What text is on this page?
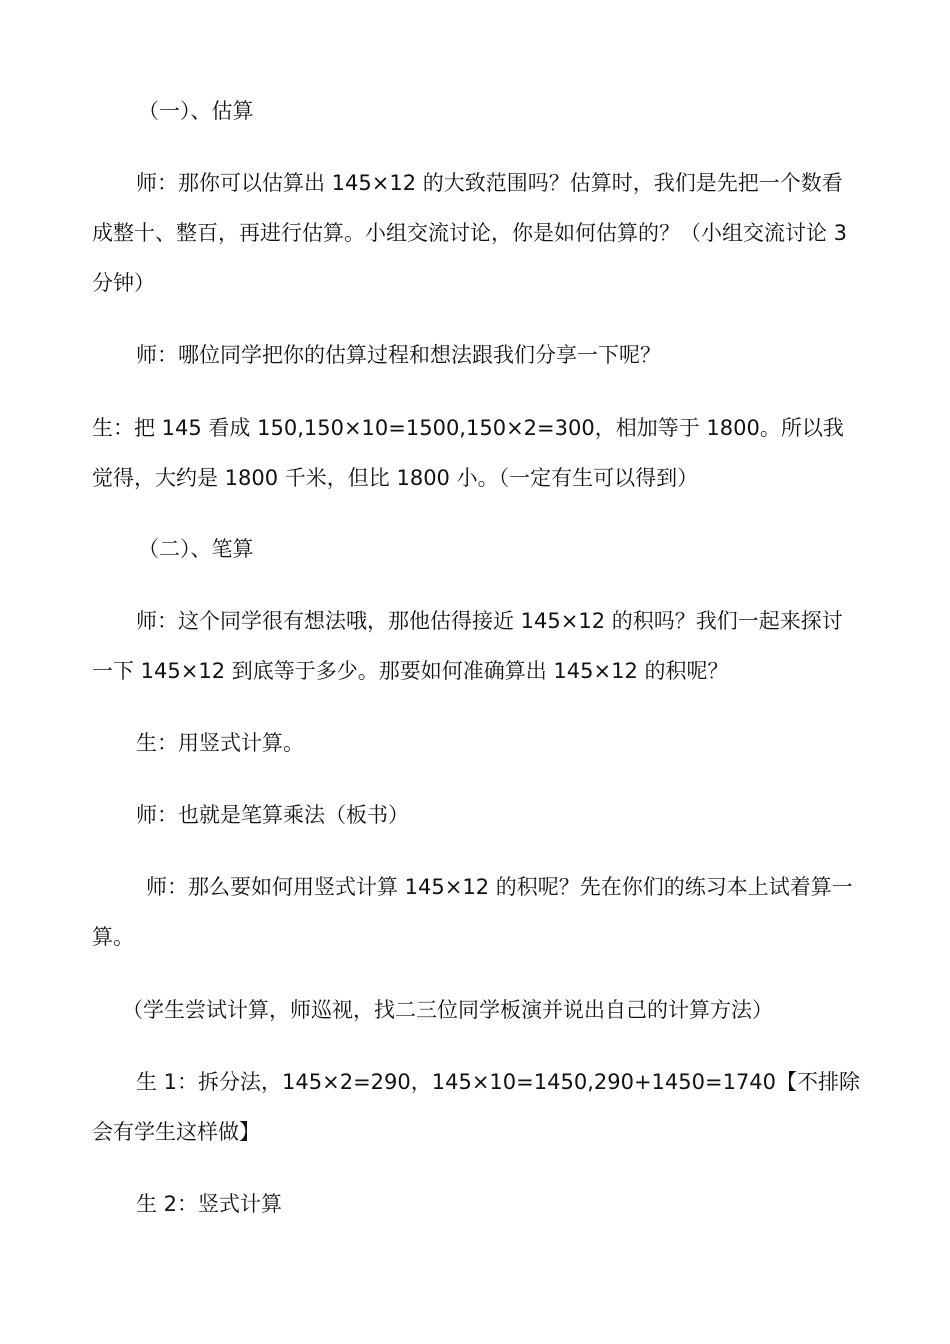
（一）、估算

师：那你可以估算出 145×12 的大致范围吗？估算时，我们是先把一个数看成整十、整百，再进行估算。小组交流讨论，你是如何估算的？（小组交流讨论 3 分钟）

师：哪位同学把你的估算过程和想法跟我们分享一下呢？

生：把 145 看成 150,150×10=1500,150×2=300，相加等于 1800。所以我觉得，大约是 1800 千米，但比 1800 小。（一定有生可以得到）

（二）、笔算

师：这个同学很有想法哦，那他估得接近 145×12 的积吗？我们一起来探讨一下 145×12 到底等于多少。那要如何准确算出 145×12 的积呢？

生：用竖式计算。

师：也就是笔算乘法（板书）

师：那么要如何用竖式计算 145×12 的积呢？先在你们的练习本上试着算一算。

（学生尝试计算，师巡视，找二三位同学板演并说出自己的计算方法）

生 1：拆分法，145×2=290，145×10=1450,290+1450=1740【不排除会有学生这样做】

生 2：竖式计算
